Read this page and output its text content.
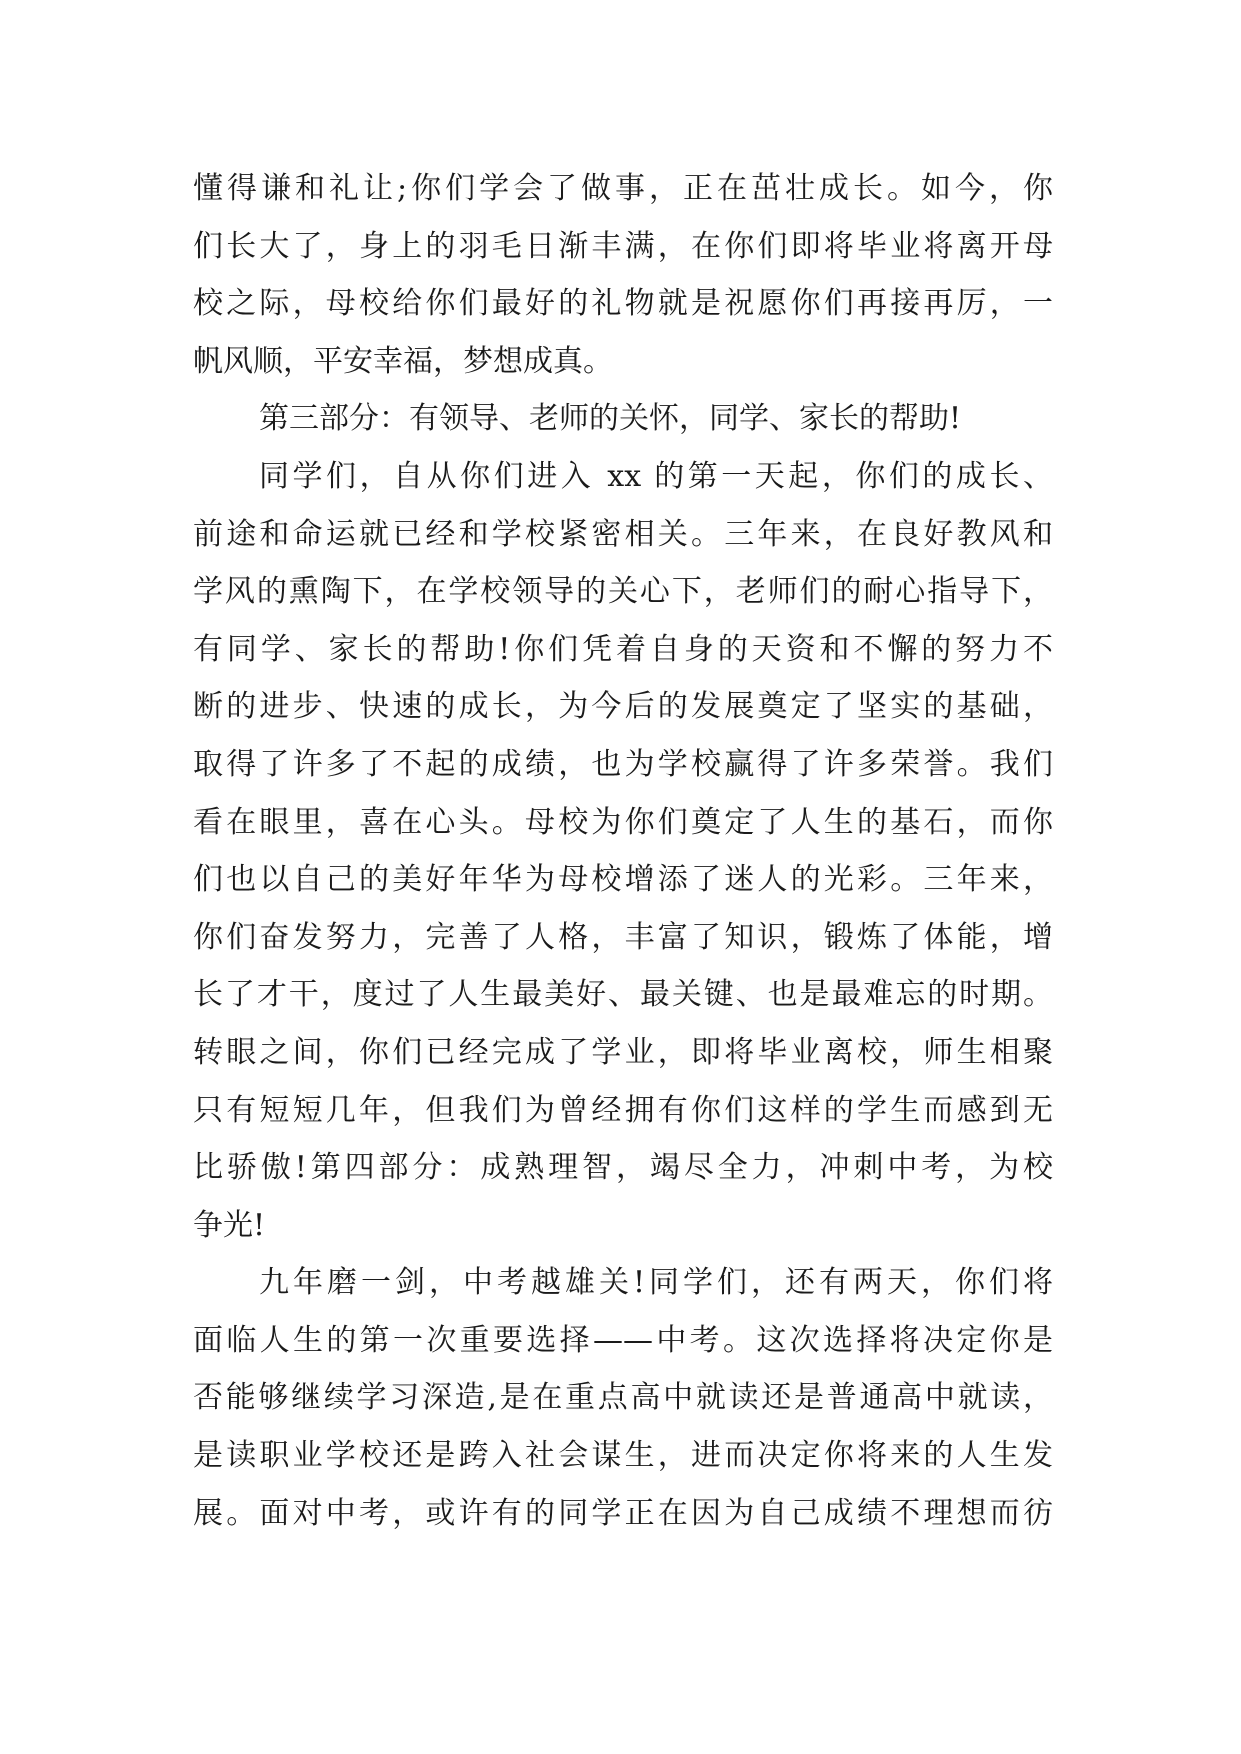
懂得谦和礼让;你们学会了做事，正在茁壮成长。如今，你
们长大了，身上的羽毛日渐丰满，在你们即将毕业将离开母
校之际，母校给你们最好的礼物就是祝愿你们再接再厉，一
帆风顺，平安幸福，梦想成真。
第三部分：有领导、老师的关怀，同学、家长的帮助!
同学们，自从你们进入 xx 的第一天起，你们的成长、
前途和命运就已经和学校紧密相关。三年来，在良好教风和
学风的熏陶下，在学校领导的关心下，老师们的耐心指导下，
有同学、家长的帮助!你们凭着自身的天资和不懈的努力不
断的进步、快速的成长，为今后的发展奠定了坚实的基础，
取得了许多了不起的成绩，也为学校赢得了许多荣誉。我们
看在眼里，喜在心头。母校为你们奠定了人生的基石，而你
们也以自己的美好年华为母校增添了迷人的光彩。三年来，
你们奋发努力，完善了人格，丰富了知识，锻炼了体能，增
长了才干，度过了人生最美好、最关键、也是最难忘的时期。
转眼之间，你们已经完成了学业，即将毕业离校，师生相聚
只有短短几年，但我们为曾经拥有你们这样的学生而感到无
比骄傲!第四部分：成熟理智，竭尽全力，冲刺中考，为校
争光!
九年磨一剑，中考越雄关!同学们，还有两天，你们将
面临人生的第一次重要选择——中考。这次选择将决定你是
否能够继续学习深造,是在重点高中就读还是普通高中就读，
是读职业学校还是跨入社会谋生，进而决定你将来的人生发
展。面对中考，或许有的同学正在因为自己成绩不理想而彷
